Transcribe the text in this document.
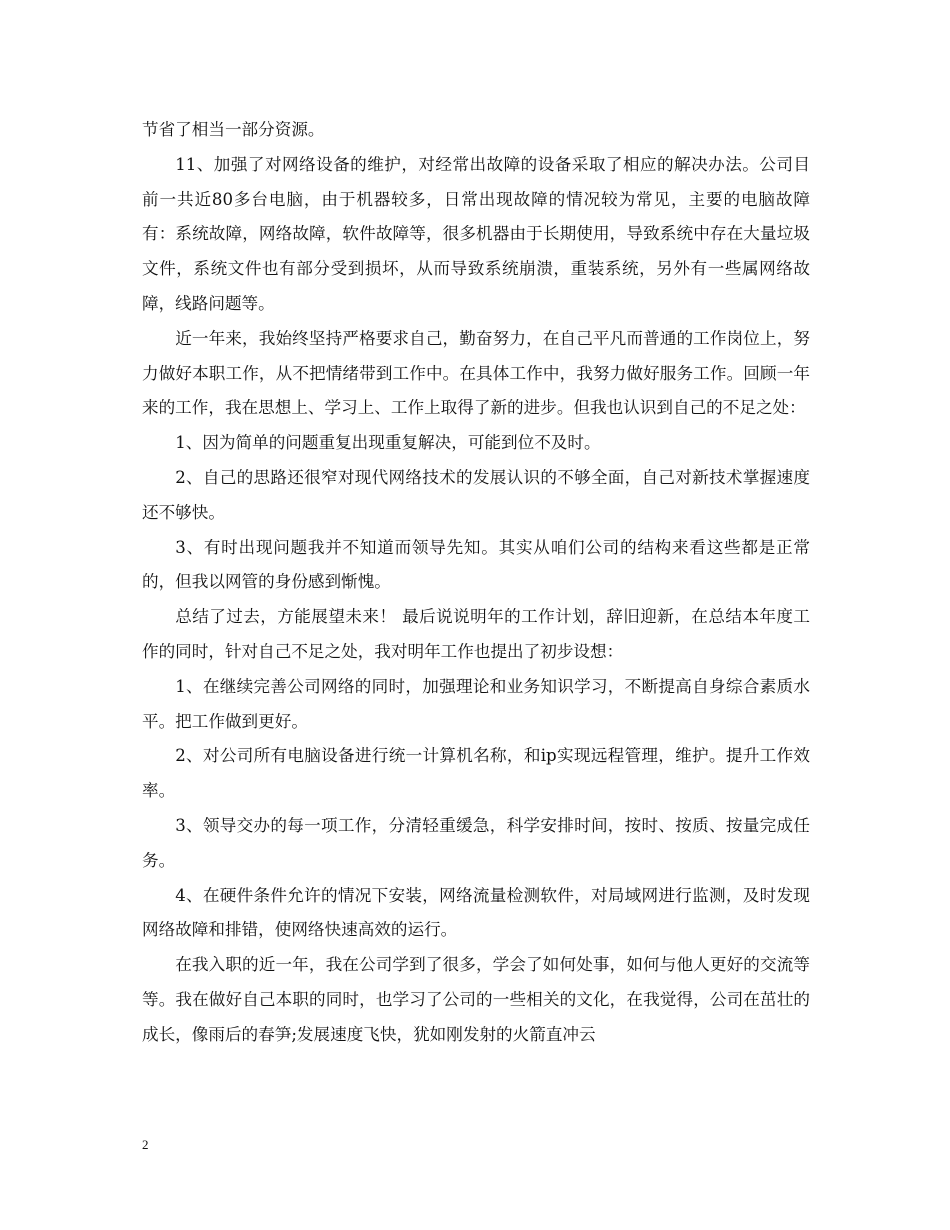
节省了相当一部分资源。

11、加强了对网络设备的维护，对经常出故障的设备采取了相应的解决办法。公司目前一共近80多台电脑，由于机器较多，日常出现故障的情况较为常见，主要的电脑故障有：系统故障，网络故障，软件故障等，很多机器由于长期使用，导致系统中存在大量垃圾文件，系统文件也有部分受到损坏，从而导致系统崩溃，重装系统，另外有一些属网络故障，线路问题等。

近一年来，我始终坚持严格要求自己，勤奋努力，在自己平凡而普通的工作岗位上，努力做好本职工作，从不把情绪带到工作中。在具体工作中，我努力做好服务工作。回顾一年来的工作，我在思想上、学习上、工作上取得了新的进步。但我也认识到自己的不足之处：

1、因为简单的问题重复出现重复解决，可能到位不及时。

2、自己的思路还很窄对现代网络技术的发展认识的不够全面，自己对新技术掌握速度还不够快。

3、有时出现问题我并不知道而领导先知。其实从咱们公司的结构来看这些都是正常的，但我以网管的身份感到惭愧。

总结了过去，方能展望未来！ 最后说说明年的工作计划，辞旧迎新，在总结本年度工作的同时，针对自己不足之处，我对明年工作也提出了初步设想：

1、在继续完善公司网络的同时，加强理论和业务知识学习，不断提高自身综合素质水平。把工作做到更好。

2、对公司所有电脑设备进行统一计算机名称，和ip实现远程管理，维护。提升工作效率。

3、领导交办的每一项工作，分清轻重缓急，科学安排时间，按时、按质、按量完成任务。

4、在硬件条件允许的情况下安装，网络流量检测软件，对局域网进行监测，及时发现网络故障和排错，使网络快速高效的运行。

在我入职的近一年，我在公司学到了很多，学会了如何处事，如何与他人更好的交流等等。我在做好自己本职的同时，也学习了公司的一些相关的文化，在我觉得，公司在茁壮的成长，像雨后的春笋;发展速度飞快，犹如刚发射的火箭直冲云

2
